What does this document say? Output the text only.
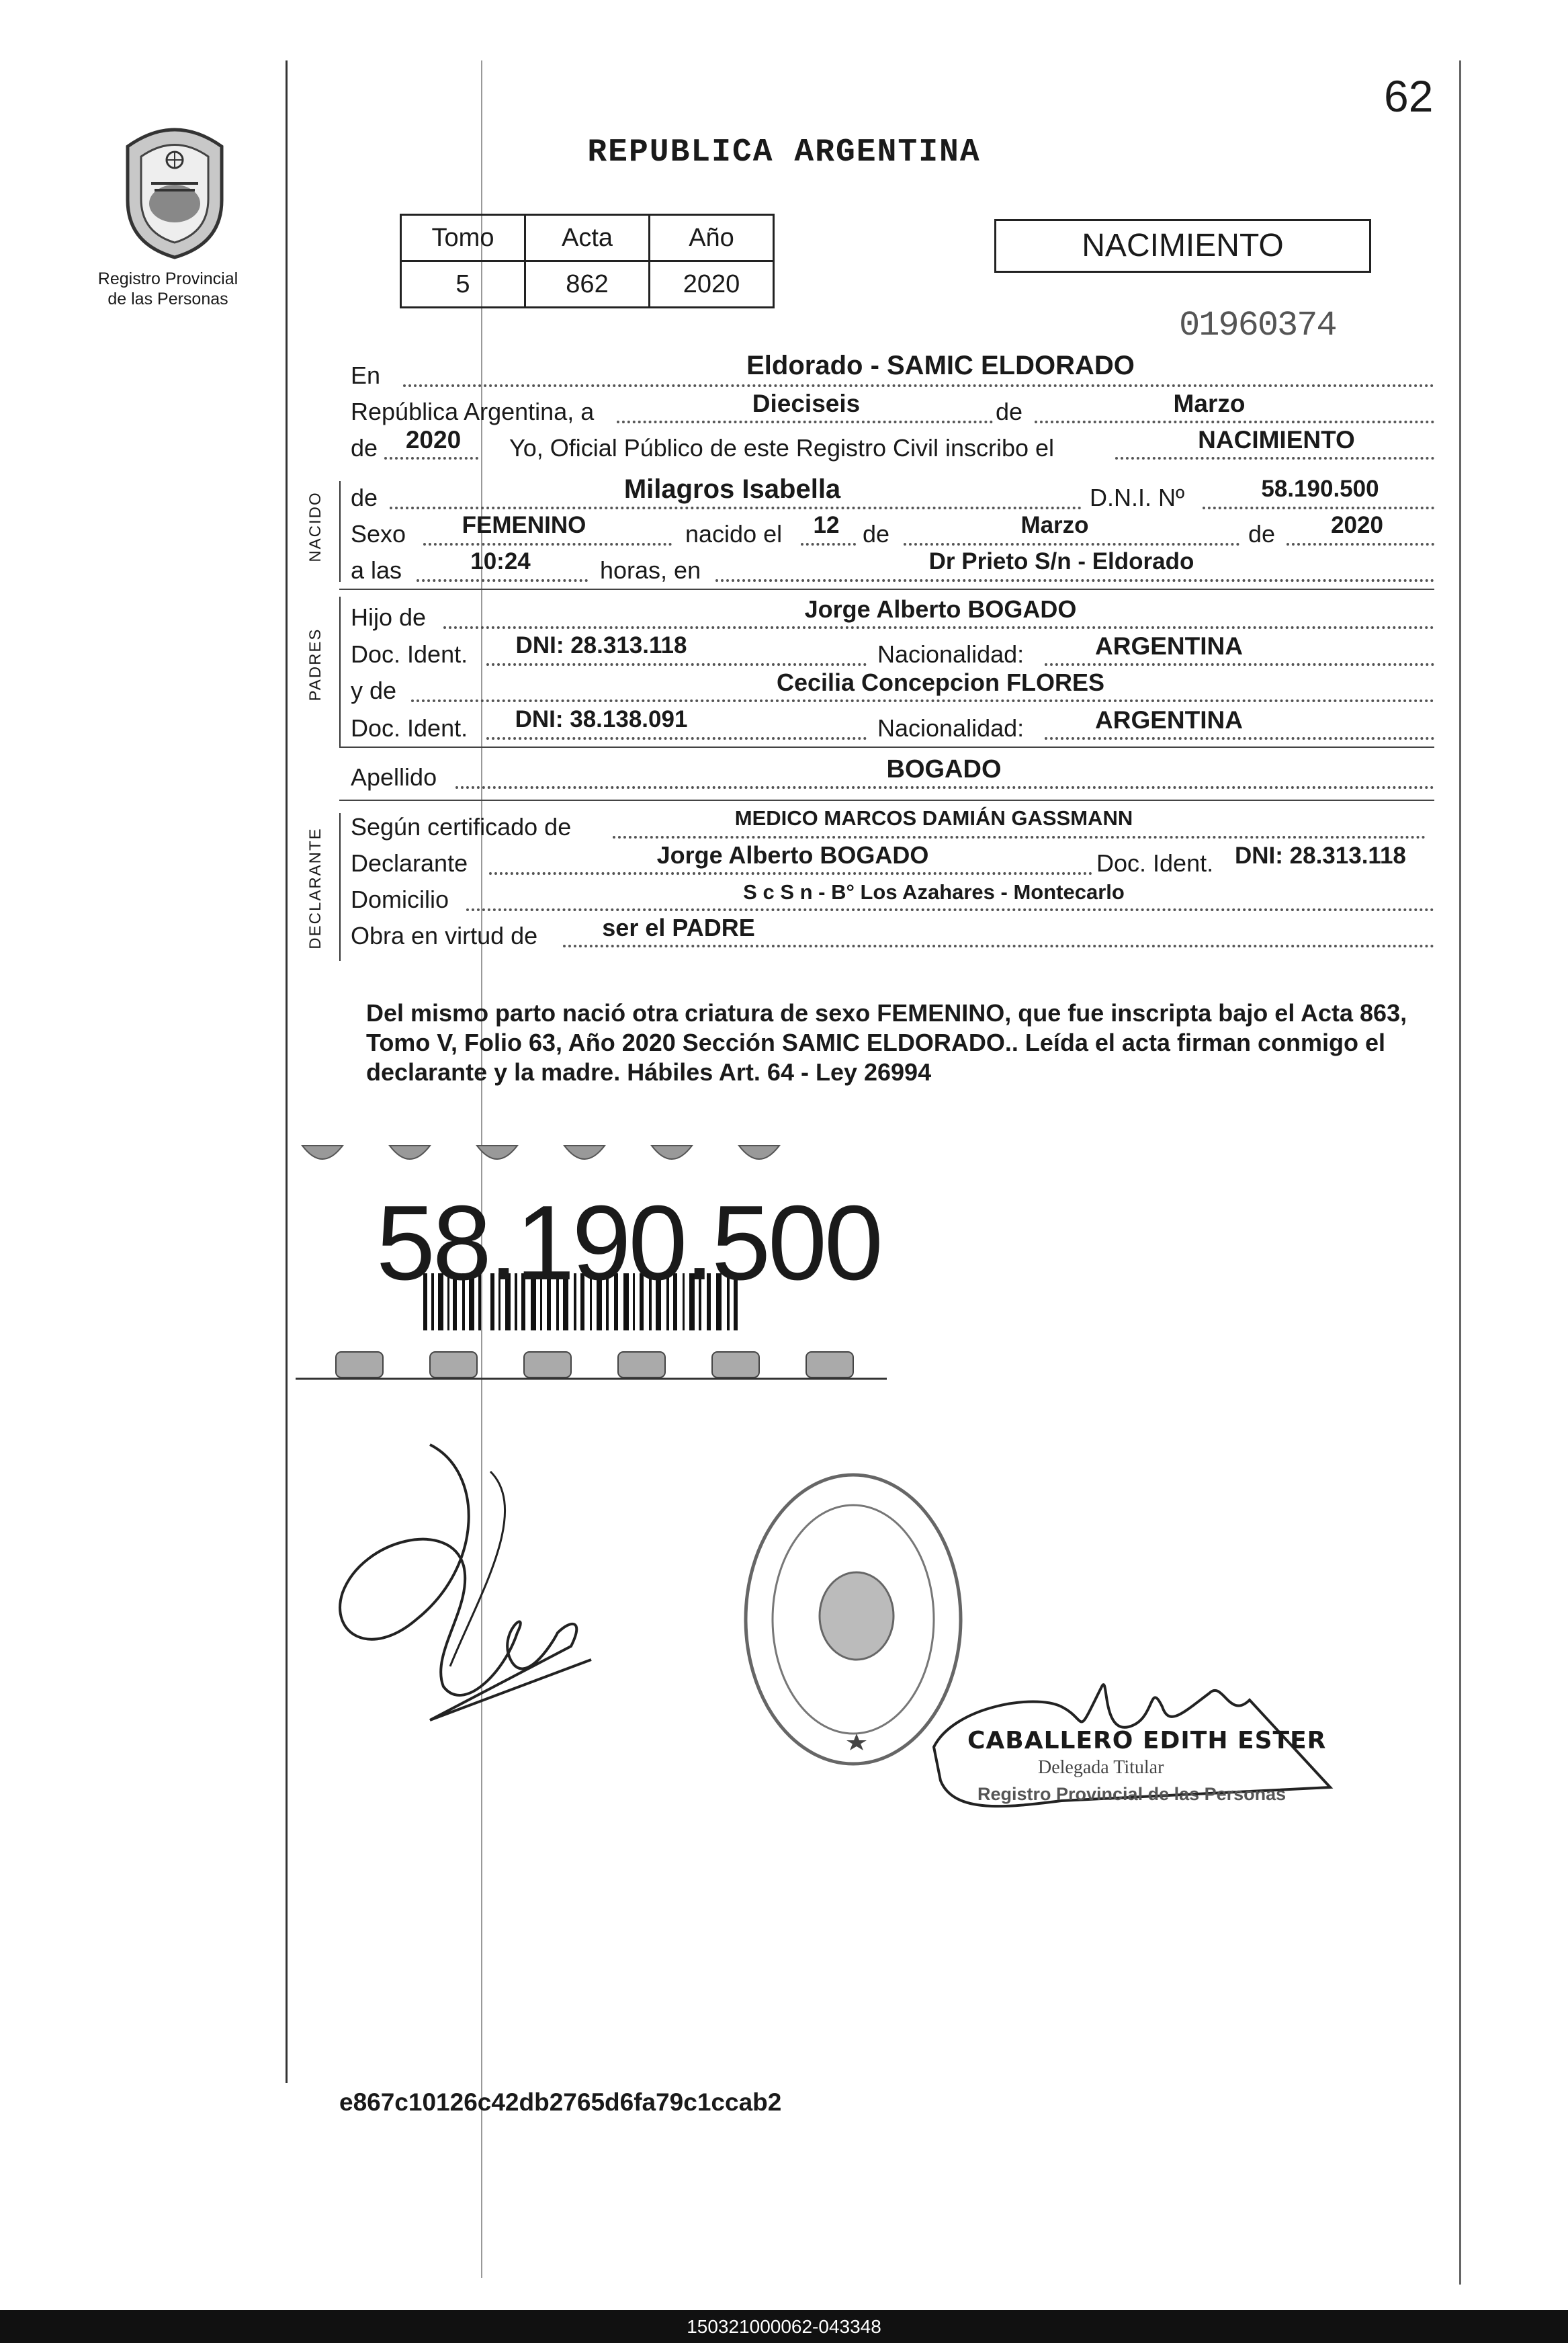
62
REPUBLICA ARGENTINA
Registro Provincial
de las Personas
Tomo	Acta	Año
5	862	2020
NACIMIENTO
01960374
En	Eldorado - SAMIC ELDORADO
República Argentina, a	Dieciseis	de	Marzo
de	2020	Yo, Oficial Público de este Registro Civil inscribo el	NACIMIENTO
NACIDO de	Milagros Isabella	D.N.I. Nº	58.190.500
Sexo	FEMENINO	nacido el	12 de	Marzo	de	2020
a las	10:24	horas, en	Dr Prieto S/n - Eldorado
PADRES
Hijo de	Jorge Alberto BOGADO
Doc. Ident.	DNI: 28.313.118	Nacionalidad:	ARGENTINA
y de	Cecilia Concepcion FLORES
Doc. Ident.	DNI: 38.138.091	Nacionalidad:	ARGENTINA
Apellido	BOGADO
DECLARANTE
Según certificado de	MEDICO MARCOS DAMIÁN GASSMANN
Declarante	Jorge Alberto BOGADO	Doc. Ident. DNI: 28.313.118
Domicilio	S c S n - B° Los Azahares - Montecarlo
Obra en virtud de	ser el PADRE
Del mismo parto nació otra criatura de sexo FEMENINO, que fue inscripta bajo el Acta 863, Tomo V, Folio 63, Año 2020 Sección SAMIC ELDORADO.. Leída el acta firman conmigo el declarante y la madre. Hábiles Art. 64 - Ley 26994
58.190.500
CABALLERO EDITH ESTER
Delegada Titular
Registro Provincial de las Personas
e867c10126c42db2765d6fa79c1ccab2
150321000062-043348
